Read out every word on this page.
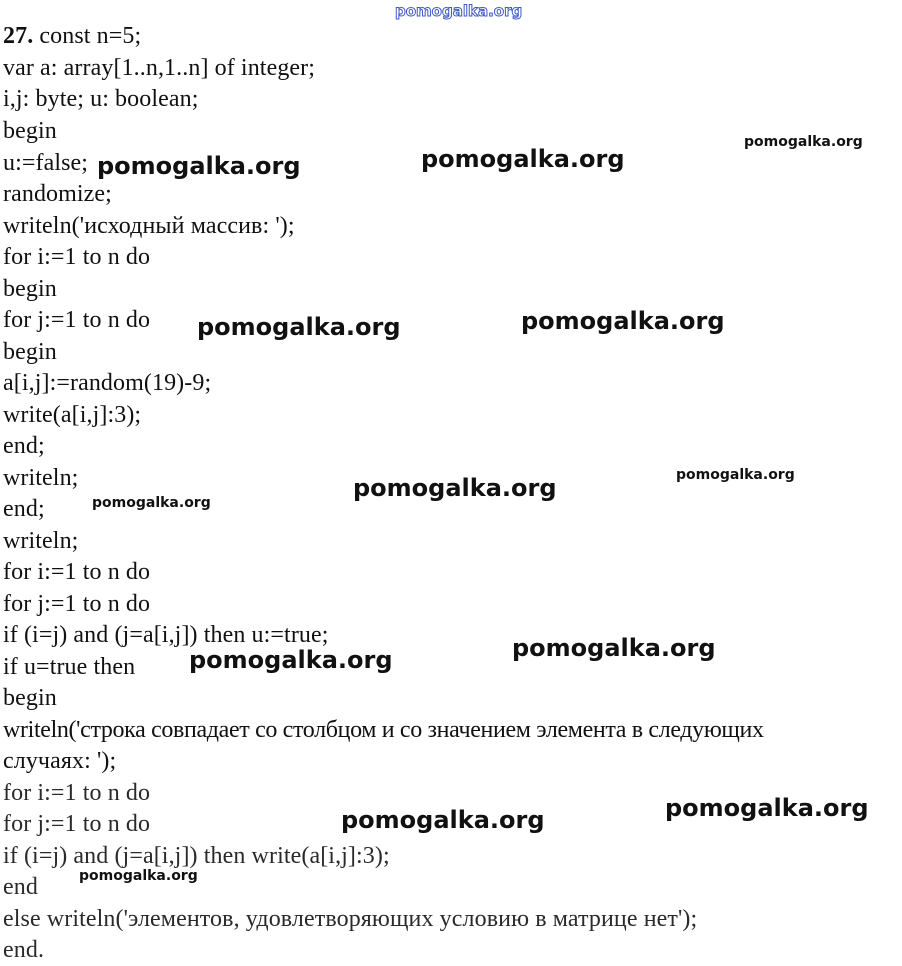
27. const n=5;
var a: array[1..n,1..n] of integer;
i,j: byte; u: boolean;
begin
u:=false;
randomize;
writeln('исходный массив: ');
for i:=1 to n do
begin
for j:=1 to n do
begin
a[i,j]:=random(19)-9;
write(a[i,j]:3);
end;
writeln;
end;
writeln;
for i:=1 to n do
for j:=1 to n do
if (i=j) and (j=a[i,j]) then u:=true;
if u=true then
begin
writeln('строка совпадает со столбцом и со значением элемента в следующих
случаях: ');
for i:=1 to n do
for j:=1 to n do
if (i=j) and (j=a[i,j]) then write(a[i,j]:3);
end
else writeln('элементов, удовлетворяющих условию в матрице нет');
end.
pomogalka.org
pomogalka.org	pomogalka.org
pomogalka.org
pomogalka.org	pomogalka.org
pomogalka.org	pomogalka.org
pomogalka.org
pomogalka.org	pomogalka.org
pomogalka.org
pomogalka.org
pomogalka.org
